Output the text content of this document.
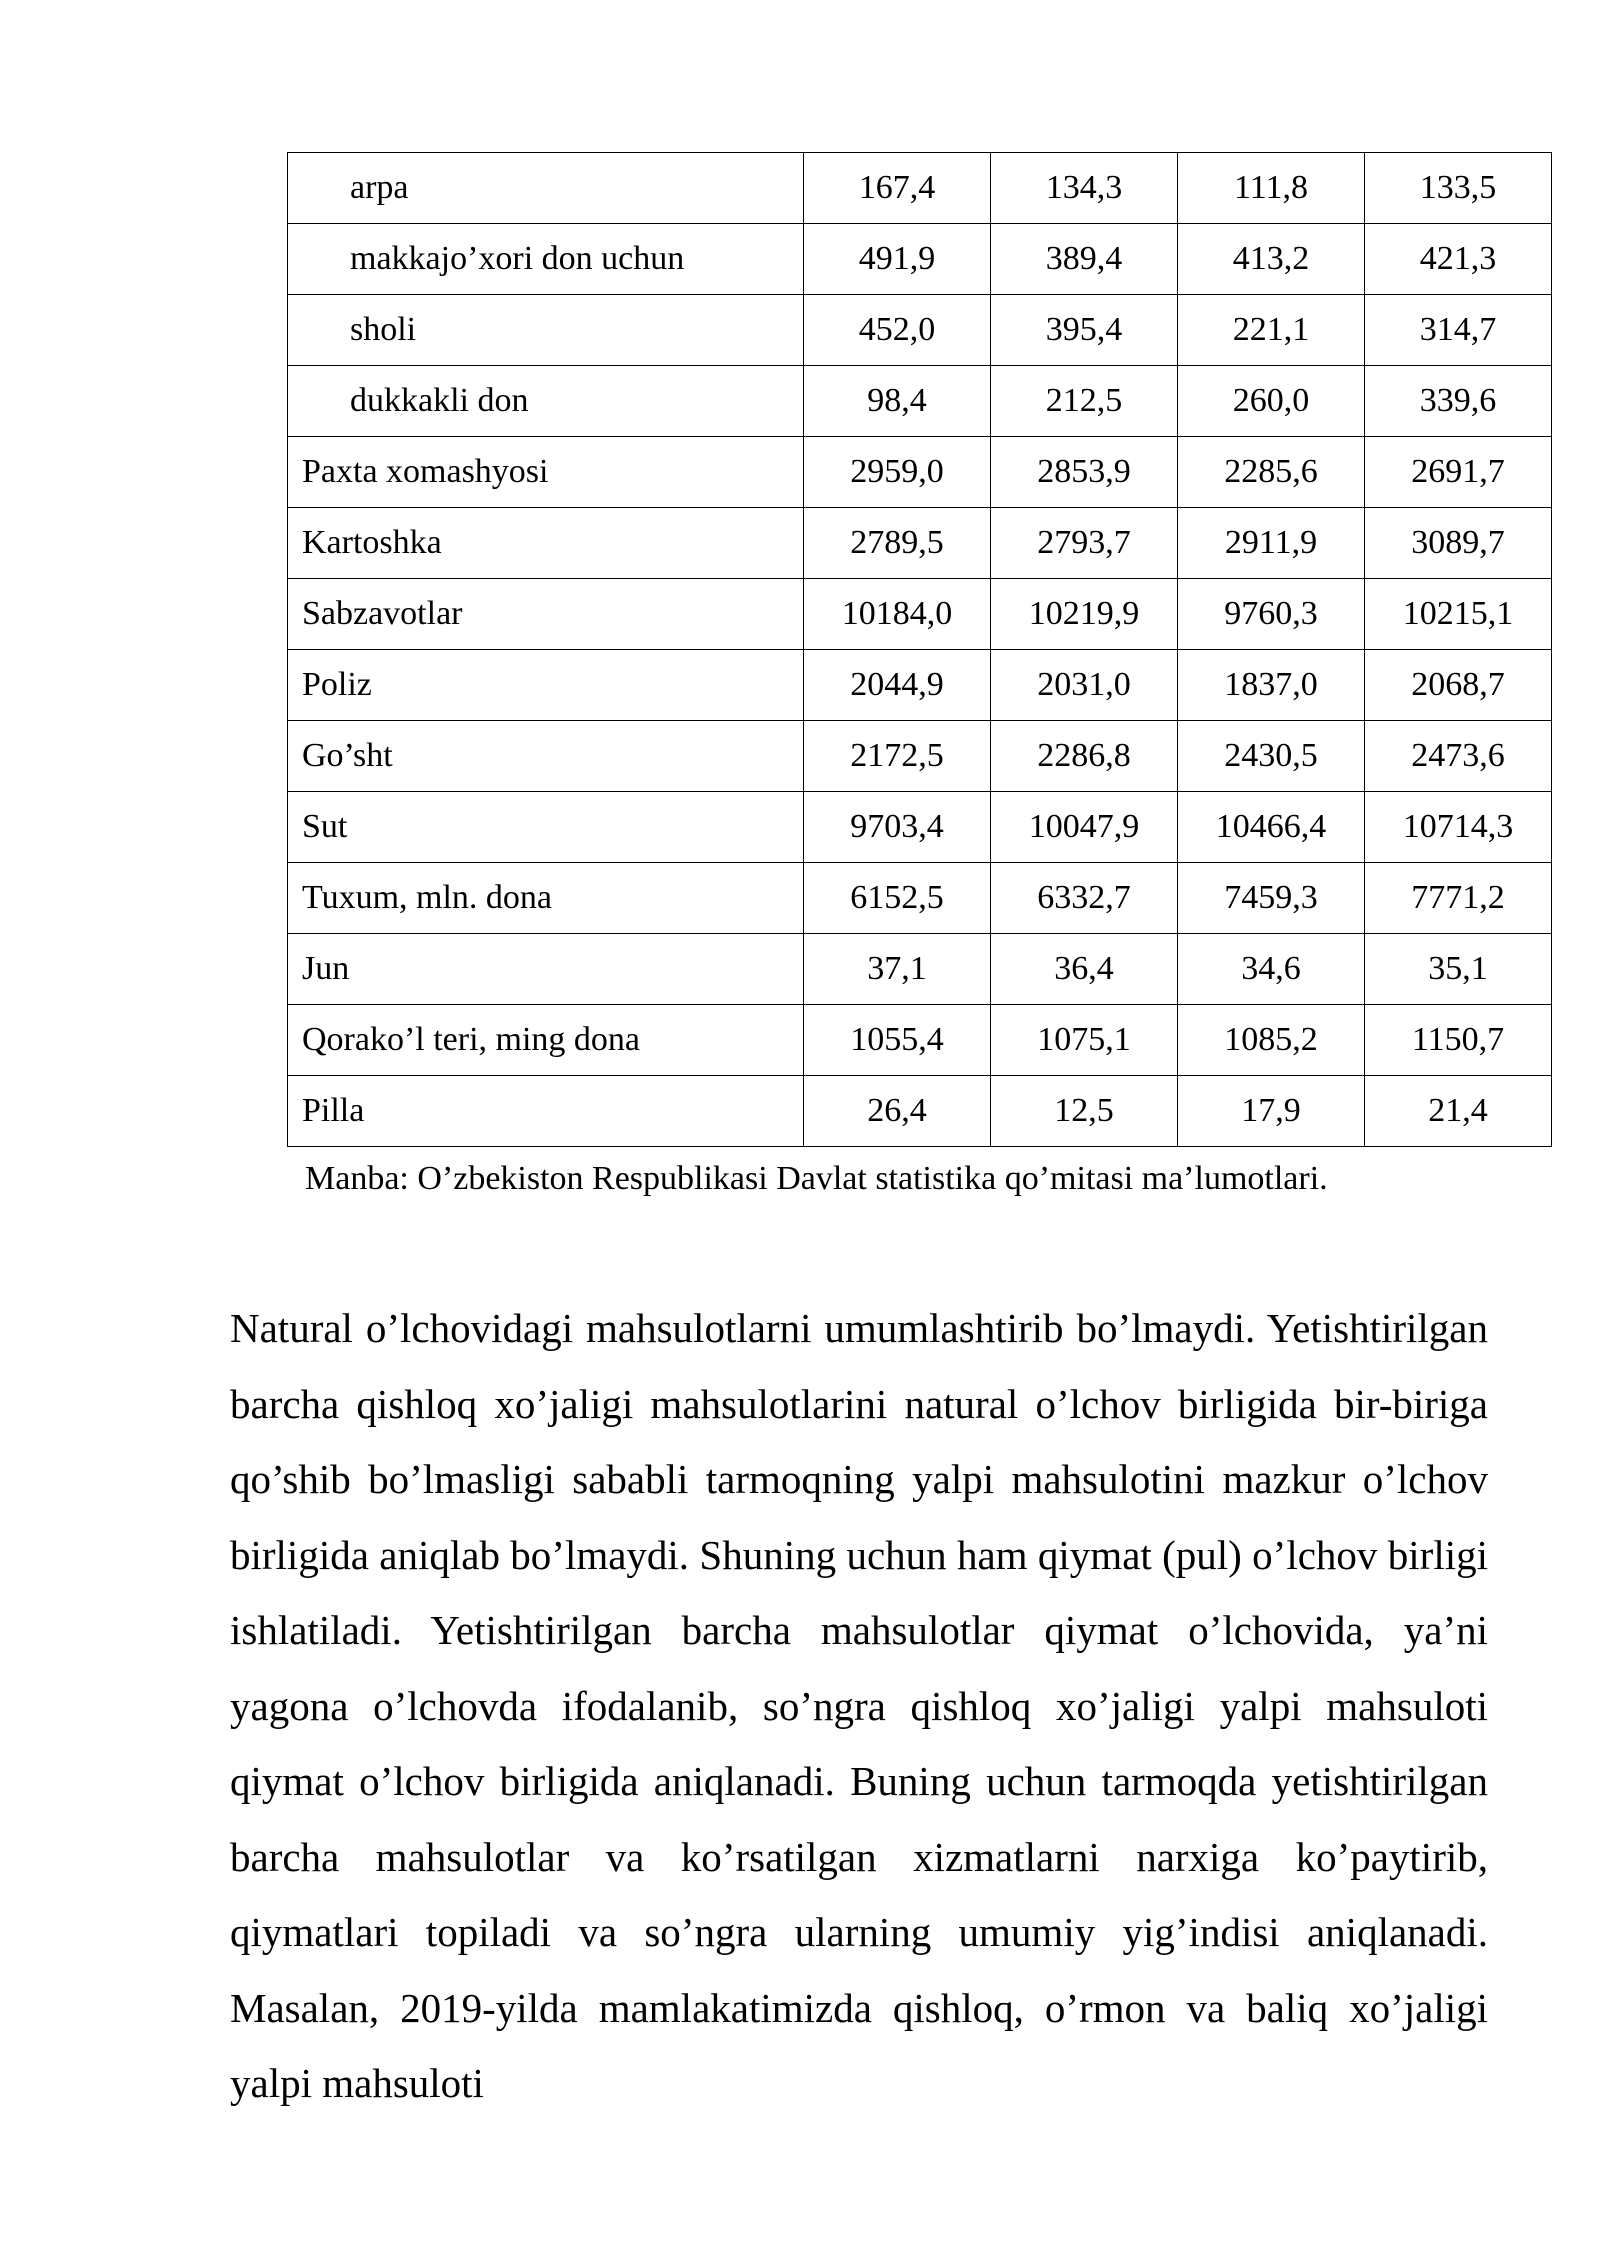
arpa	167,4	134,3	111,8	133,5
makkajo’xori don uchun	491,9	389,4	413,2	421,3
sholi	452,0	395,4	221,1	314,7
dukkakli don	98,4	212,5	260,0	339,6
Paxta xomashyosi	2959,0	2853,9	2285,6	2691,7
Kartoshka	2789,5	2793,7	2911,9	3089,7
Sabzavotlar	10184,0	10219,9	9760,3	10215,1
Poliz	2044,9	2031,0	1837,0	2068,7
Go’sht	2172,5	2286,8	2430,5	2473,6
Sut	9703,4	10047,9	10466,4	10714,3
Tuxum, mln. dona	6152,5	6332,7	7459,3	7771,2
Jun	37,1	36,4	34,6	35,1
Qorako’l teri, ming dona	1055,4	1075,1	1085,2	1150,7
Pilla	26,4	12,5	17,9	21,4
Manba: O’zbekiston Respublikasi Davlat statistika qo’mitasi ma’lumotlari.

Natural o’lchovidagi mahsulotlarni umumlashtirib bo’lmaydi. Yetishtirilgan barcha qishloq xo’jaligi mahsulotlarini natural o’lchov birligida bir-biriga qo’shib bo’lmasligi sababli tarmoqning yalpi mahsulotini mazkur o’lchov birligida aniqlab bo’lmaydi. Shuning uchun ham qiymat (pul) o’lchov birligi ishlatiladi. Yetishtirilgan barcha mahsulotlar qiymat o’lchovida, ya’ni yagona o’lchovda ifodalanib, so’ngra qishloq xo’jaligi yalpi mahsuloti qiymat o’lchov birligida aniqlanadi. Buning uchun tarmoqda yetishtirilgan barcha mahsulotlar va ko’rsatilgan xizmatlarni narxiga ko’paytirib, qiymatlari topiladi va so’ngra ularning umumiy yig’indisi aniqlanadi. Masalan, 2019-yilda mamlakatimizda qishloq, o’rmon va baliq xo’jaligi yalpi mahsuloti
